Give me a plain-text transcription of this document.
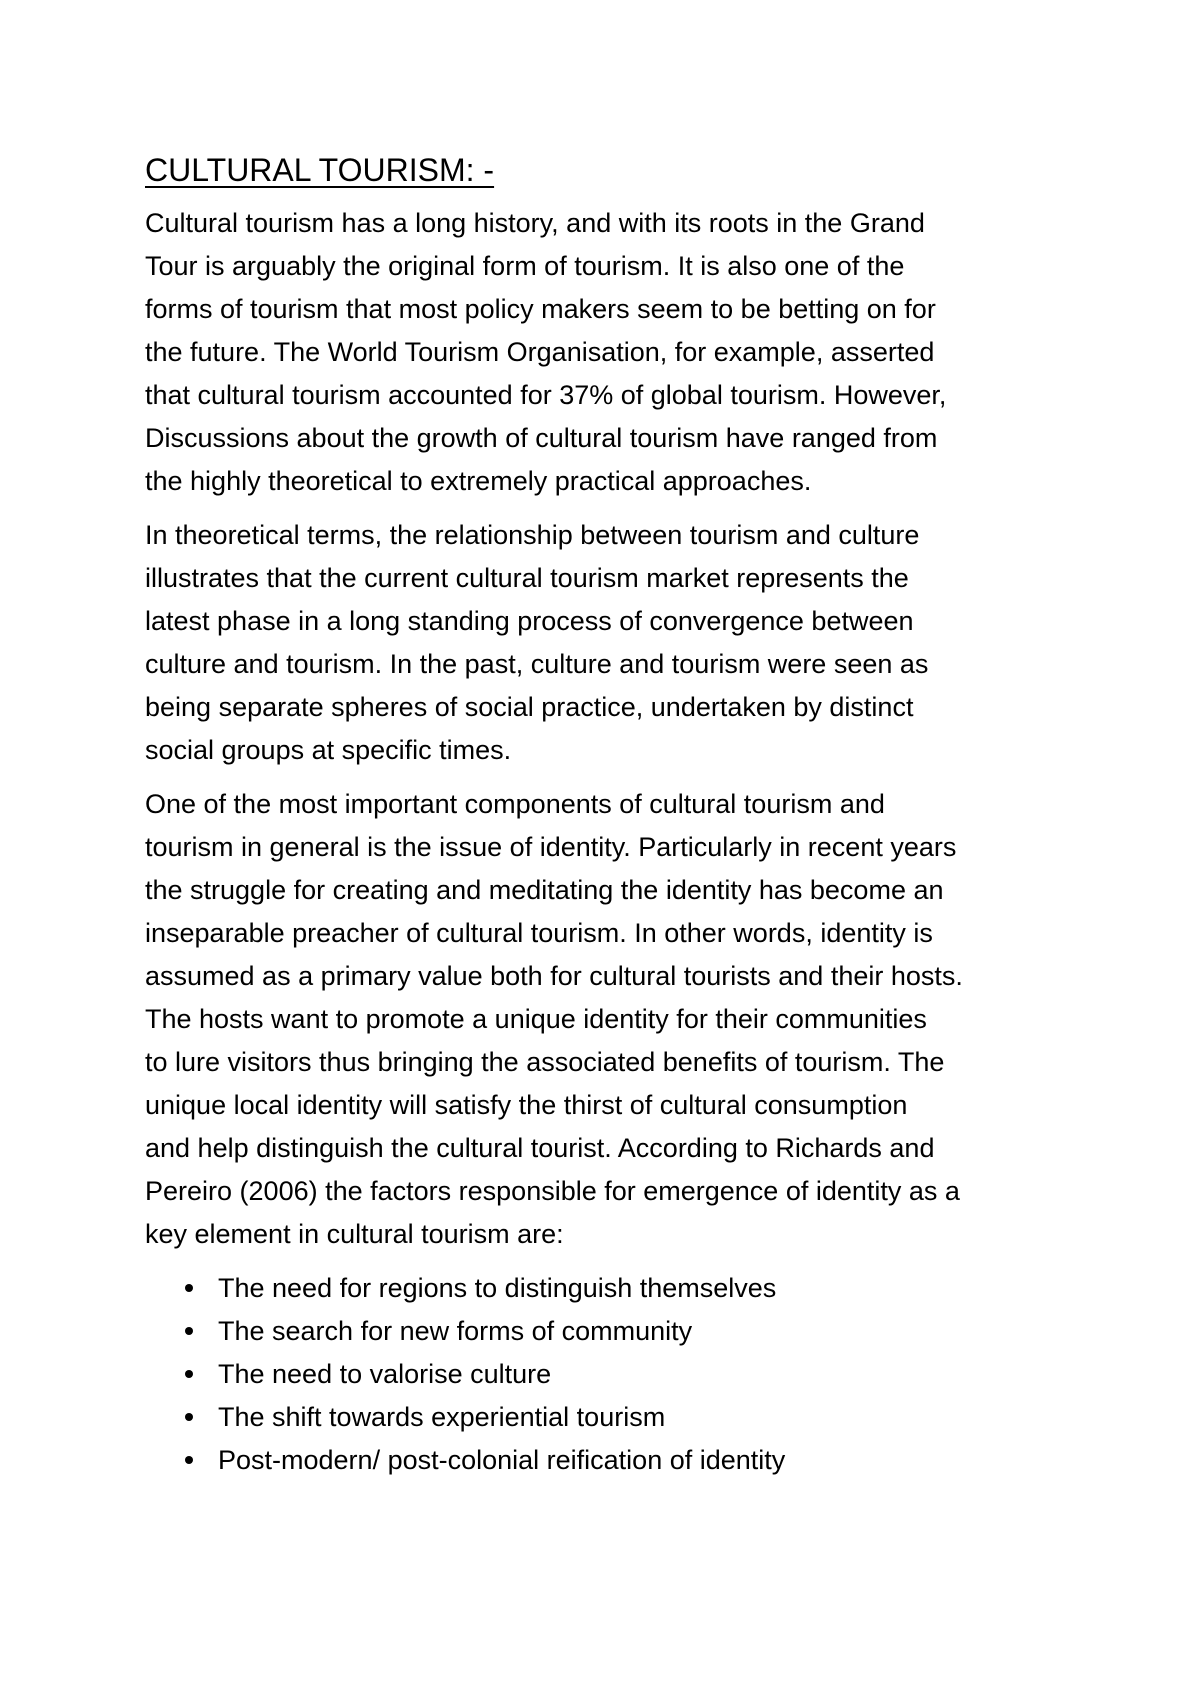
CULTURAL TOURISM: -

Cultural tourism has a long history, and with its roots in the Grand
Tour is arguably the original form of tourism. It is also one of the
forms of tourism that most policy makers seem to be betting on for
the future. The World Tourism Organisation, for example, asserted
that cultural tourism accounted for 37% of global tourism. However,
Discussions about the growth of cultural tourism have ranged from
the highly theoretical to extremely practical approaches.

In theoretical terms, the relationship between tourism and culture
illustrates that the current cultural tourism market represents the
latest phase in a long standing process of convergence between
culture and tourism. In the past, culture and tourism were seen as
being separate spheres of social practice, undertaken by distinct
social groups at specific times.

One of the most important components of cultural tourism and
tourism in general is the issue of identity. Particularly in recent years
the struggle for creating and meditating the identity has become an
inseparable preacher of cultural tourism. In other words, identity is
assumed as a primary value both for cultural tourists and their hosts.
The hosts want to promote a unique identity for their communities
to lure visitors thus bringing the associated benefits of tourism. The
unique local identity will satisfy the thirst of cultural consumption
and help distinguish the cultural tourist. According to Richards and
Pereiro (2006) the factors responsible for emergence of identity as a
key element in cultural tourism are:

The need for regions to distinguish themselves
The search for new forms of community
The need to valorise culture
The shift towards experiential tourism
Post-modern/ post-colonial reification of identity
